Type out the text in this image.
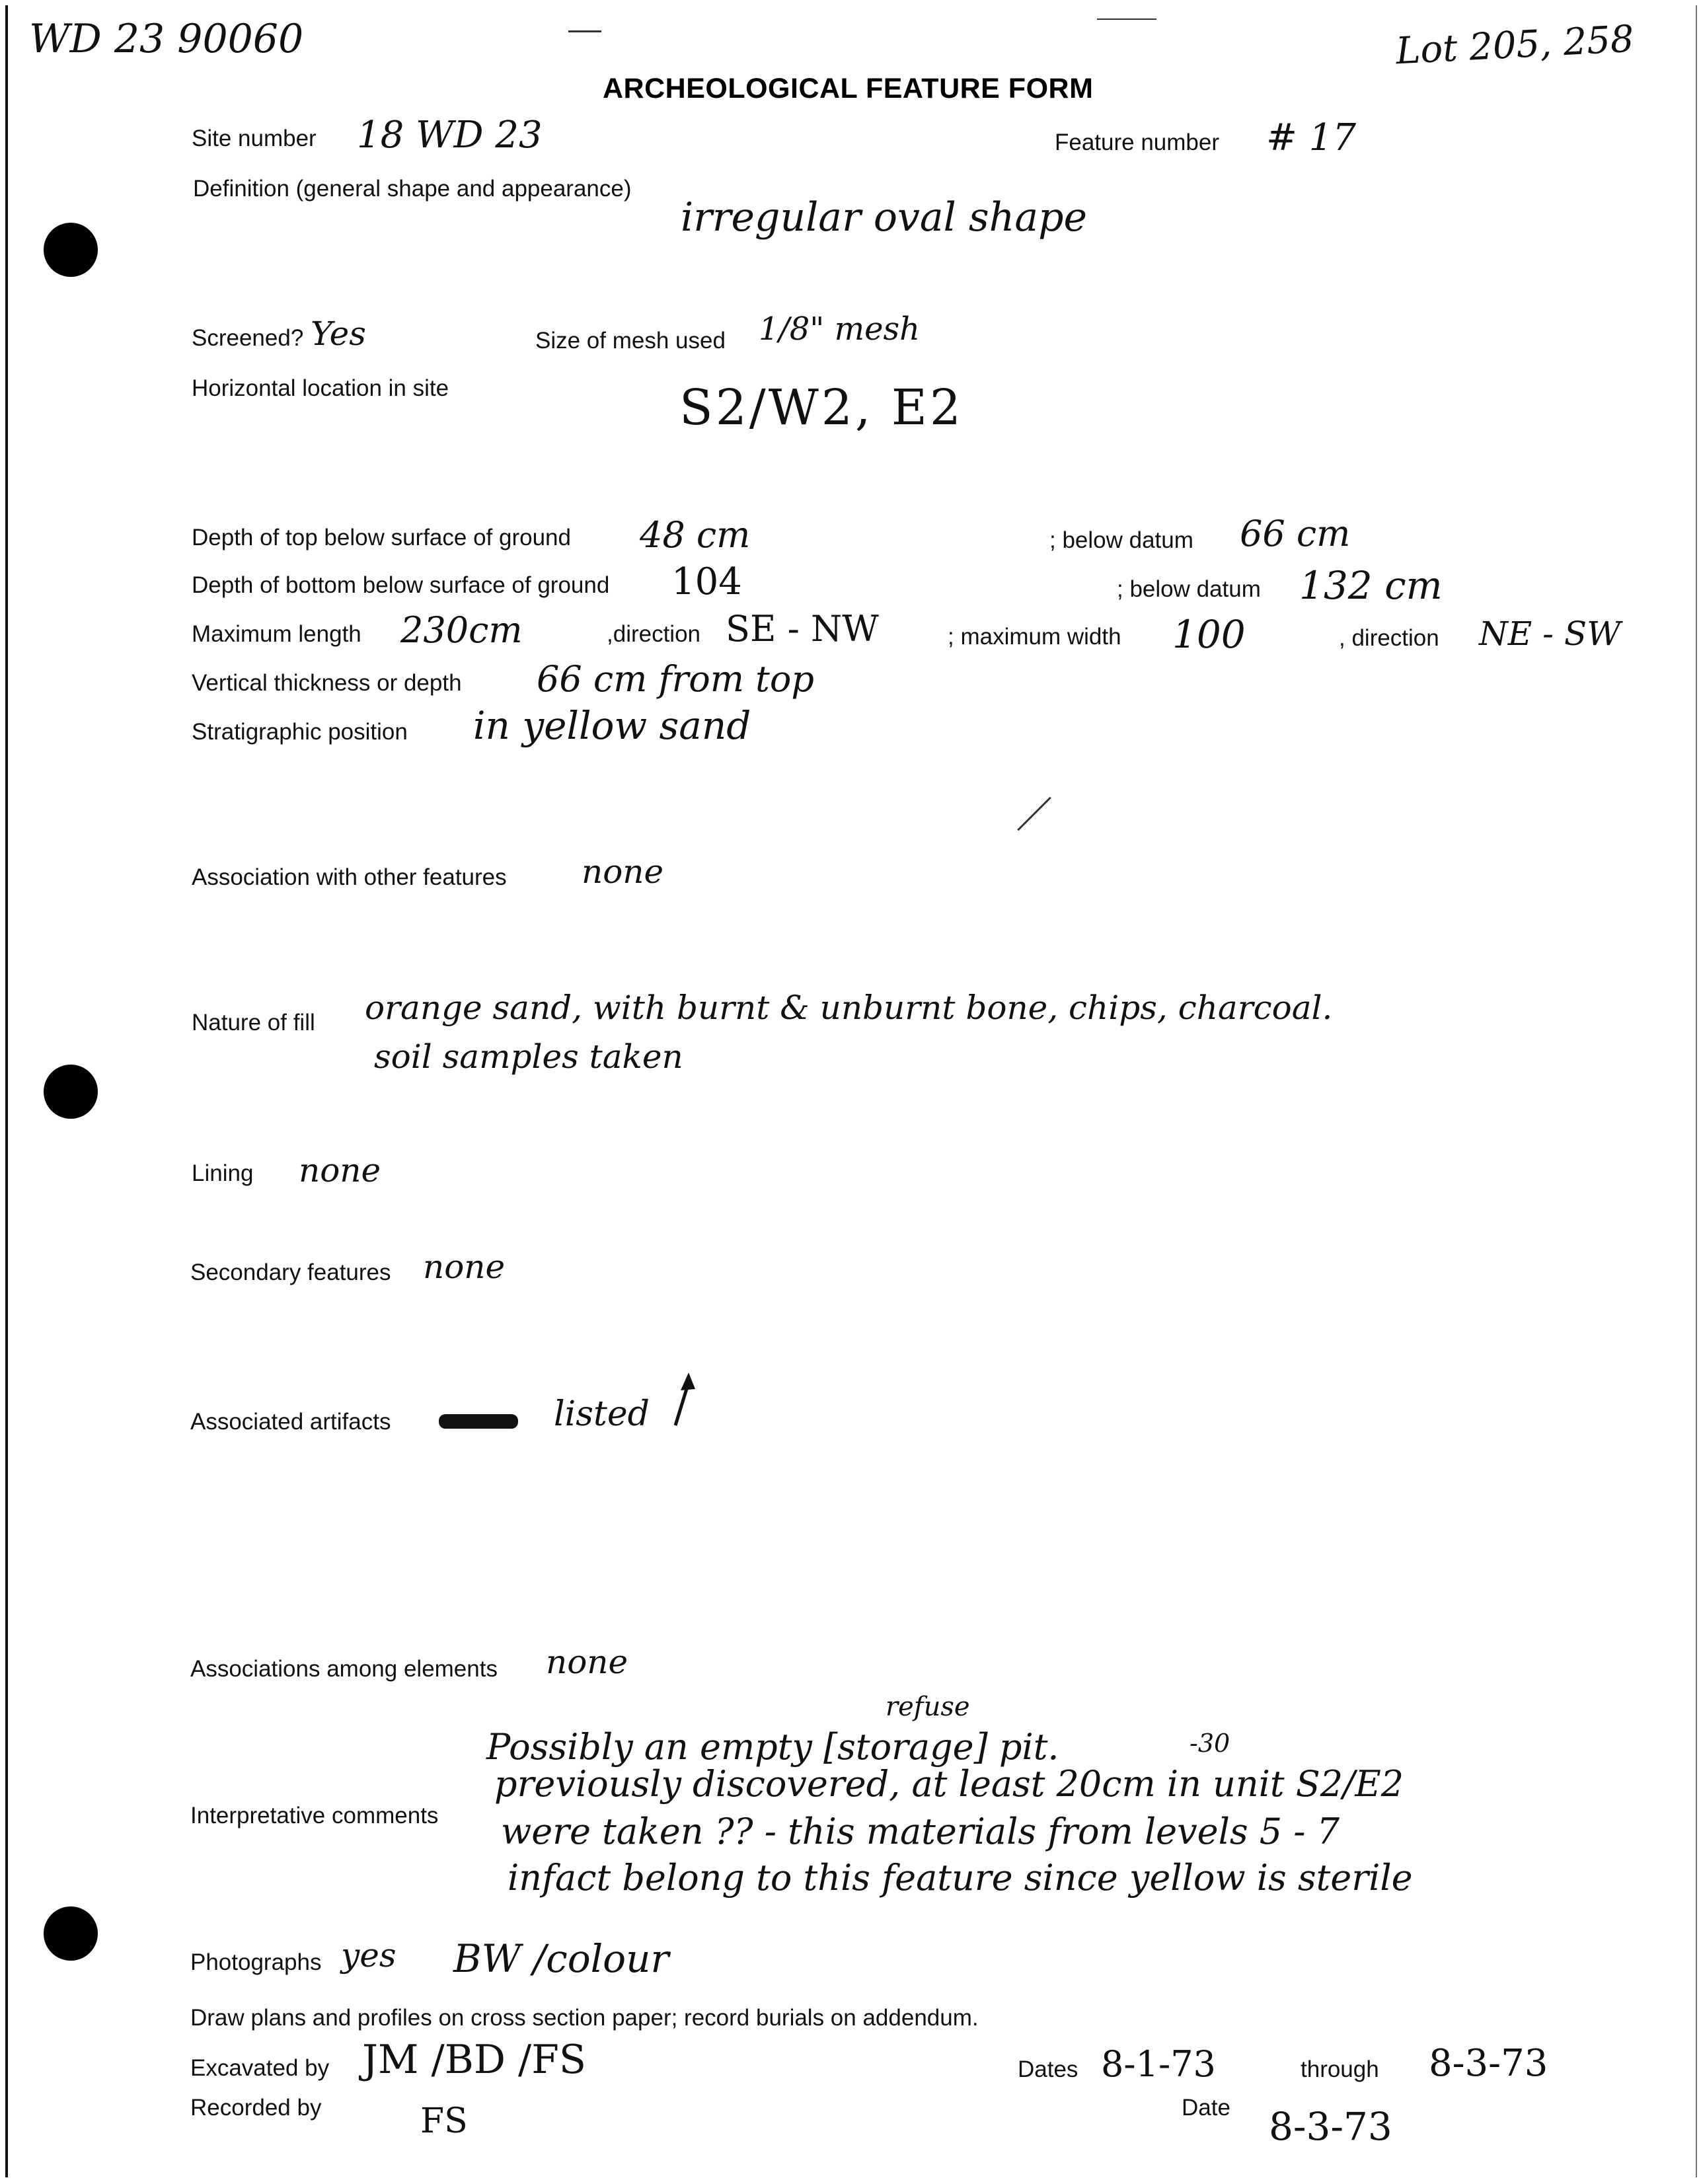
WD 23 90060	Lot 205, 258
ARCHEOLOGICAL FEATURE FORM
Site number 18 WD 23	Feature number # 17
Definition (general shape and appearance)
irregular oval shape
Screened? Yes	Size of mesh used 1/8" mesh
Horizontal location in site	S2/W2, E2
Depth of top below surface of ground 48 cm	; below datum 66 cm
Depth of bottom below surface of ground 104	; below datum 132 cm
Maximum length 230cm	,direction SE - NW	; maximum width 100	, direction NE - SW
Vertical thickness or depth 66 cm from top
Stratigraphic position in yellow sand
Association with other features none
Nature of fill orange sand, with burnt & unburnt bone, chips, charcoal.
soil samples taken
Lining none
Secondary features none
Associated artifacts	listed
Associations among elements none
Interpretative comments
refuse
-30
Possibly an empty [storage] pit.
previously discovered, at least 20cm in unit S2/E2
were taken ?? - this materials from levels 5 - 7
infact belong to this feature since yellow is sterile
Photographs yes BW /colour
Draw plans and profiles on cross section paper; record burials on addendum.
Excavated by JM /BD /FS	Dates 8-1-73	through 8-3-73
Recorded by	FS	Date 8-3-73
